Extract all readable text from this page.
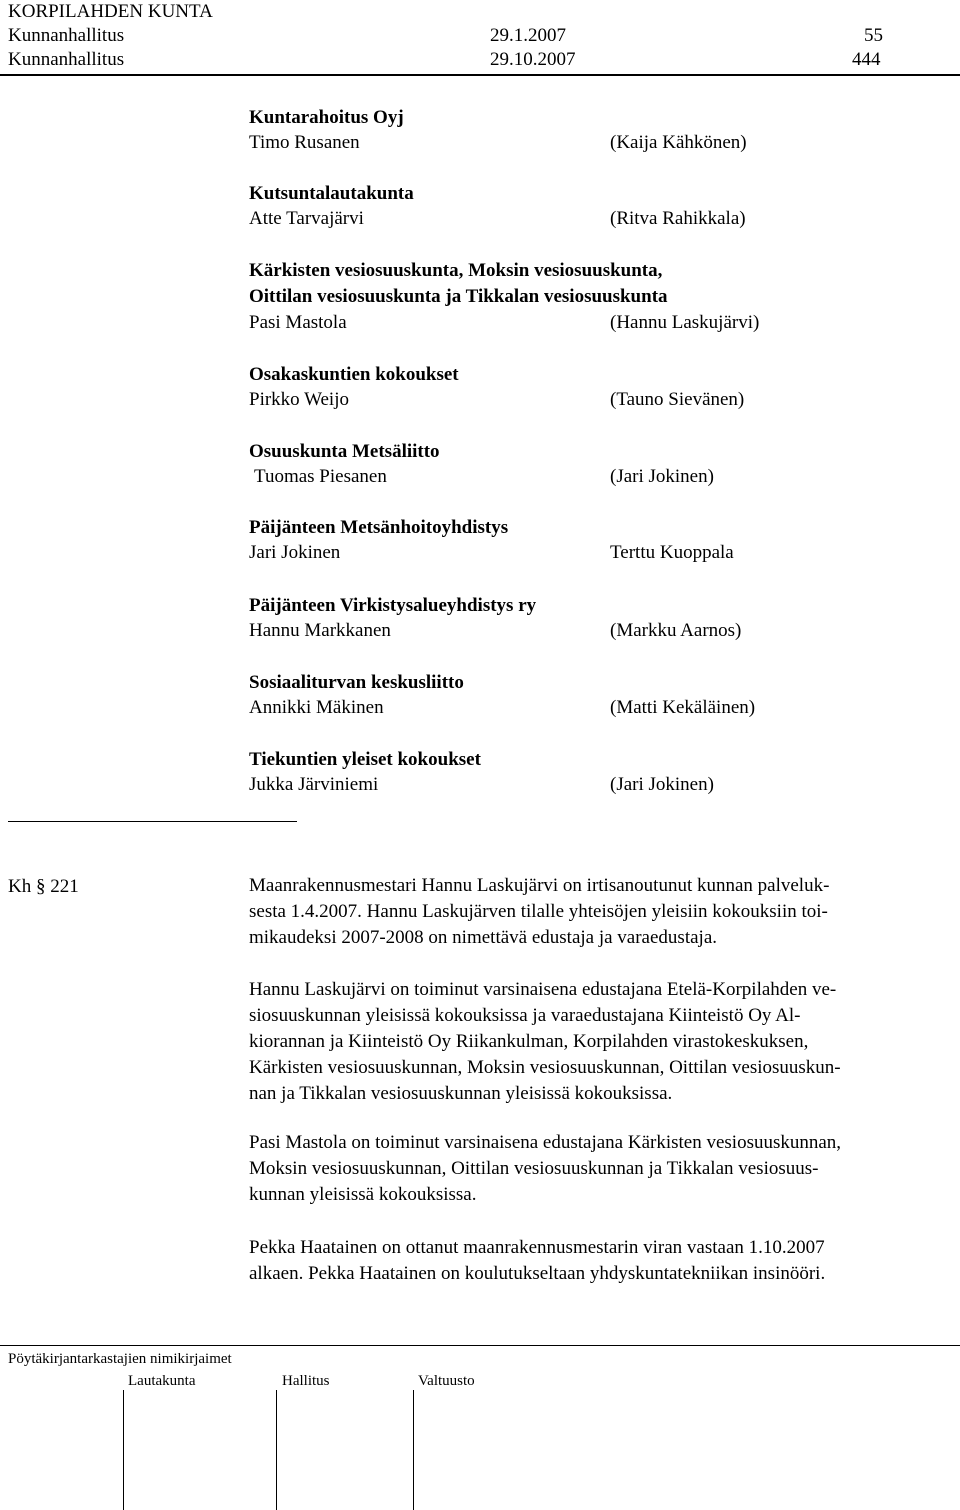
KORPILAHDEN KUNTA
Kunnanhallitus	29.1.2007	55
Kunnanhallitus	29.10.2007	444
Kuntarahoitus Oyj
Timo Rusanen	(Kaija Kähkönen)
Kutsuntalautakunta
Atte Tarvajärvi	(Ritva Rahikkala)
Kärkisten vesiosuuskunta, Moksin vesiosuuskunta,
Oittilan vesiosuuskunta ja Tikkalan vesiosuuskunta
Pasi Mastola	(Hannu Laskujärvi)
Osakaskuntien kokoukset
Pirkko Weijo	(Tauno Sievänen)
Osuuskunta Metsäliitto
Tuomas Piesanen	(Jari Jokinen)
Päijänteen Metsänhoitoyhdistys
Jari Jokinen	Terttu Kuoppala
Päijänteen Virkistysalueyhdistys ry
Hannu Markkanen	(Markku Aarnos)
Sosiaaliturvan keskusliitto
Annikki Mäkinen	(Matti Kekäläinen)
Tiekuntien yleiset kokoukset
Jukka Järviniemi	(Jari Jokinen)
Kh § 221	Maanrakennusmestari Hannu Laskujärvi on irtisanoutunut kunnan palveluk-
sesta 1.4.2007. Hannu Laskujärven tilalle yhteisöjen yleisiin kokouksiin toi-
mikaudeksi 2007-2008 on nimettävä edustaja ja varaedustaja.
Hannu Laskujärvi on toiminut varsinaisena edustajana Etelä-Korpilahden ve-
siosuuskunnan yleisissä kokouksissa ja varaedustajana Kiinteistö Oy Al-
kiorannan ja Kiinteistö Oy Riikankulman, Korpilahden virastokeskuksen,
Kärkisten vesiosuuskunnan, Moksin vesiosuuskunnan, Oittilan vesiosuuskun-
nan ja Tikkalan vesiosuuskunnan yleisissä kokouksissa.
Pasi Mastola on toiminut varsinaisena edustajana Kärkisten vesiosuuskunnan,
Moksin vesiosuuskunnan, Oittilan vesiosuuskunnan ja Tikkalan vesiosuus-
kunnan yleisissä kokouksissa.
Pekka Haatainen on ottanut maanrakennusmestarin viran vastaan 1.10.2007
alkaen. Pekka Haatainen on koulutukseltaan yhdyskuntatekniikan insinööri.
Pöytäkirjantarkastajien nimikirjaimet
Lautakunta	Hallitus	Valtuusto
